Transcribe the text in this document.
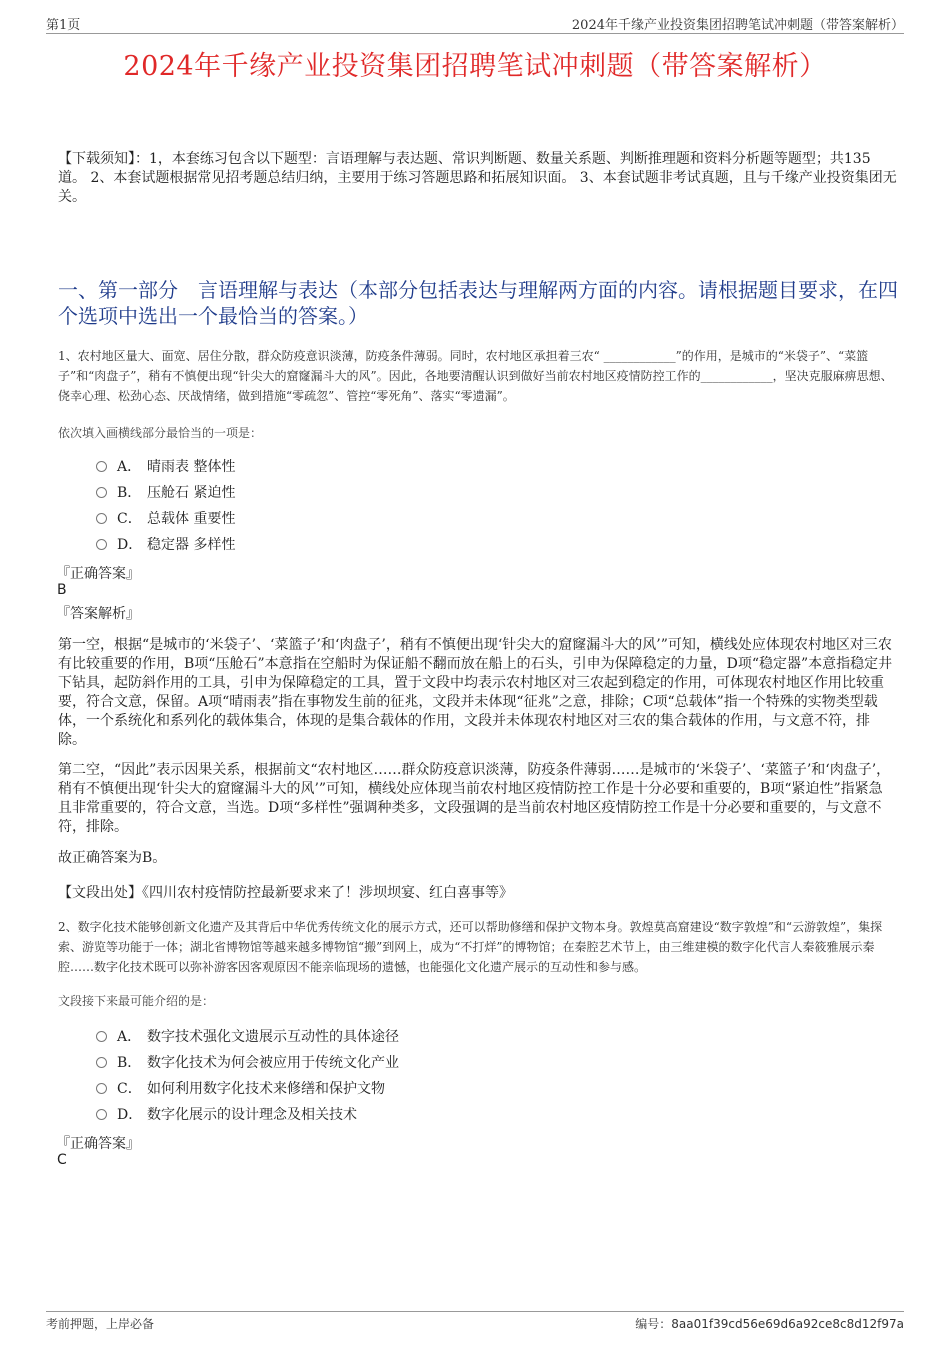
第1页	2024年千缘产业投资集团招聘笔试冲刺题（带答案解析）
2024年千缘产业投资集团招聘笔试冲刺题（带答案解析）
【下载须知】：1，本套练习包含以下题型：言语理解与表达题、常识判断题、数量关系题、判断推理题和资料分析题等题型；共135道。 2、本套试题根据常见招考题总结归纳，主要用于练习答题思路和拓展知识面。 3、本套试题非考试真题，且与千缘产业投资集团无关。
一、第一部分　言语理解与表达（本部分包括表达与理解两方面的内容。请根据题目要求，在四个选项中选出一个最恰当的答案。）
1、农村地区量大、面宽、居住分散，群众防疫意识淡薄，防疫条件薄弱。同时，农村地区承担着三农“ ____________”的作用，是城市的“米袋子”、“菜篮子”和“肉盘子”，稍有不慎便出现“针尖大的窟窿漏斗大的风”。因此，各地要清醒认识到做好当前农村地区疫情防控工作的____________，坚决克服麻痹思想、侥幸心理、松劲心态、厌战情绪，做到措施“零疏忽”、管控“零死角”、落实“零遗漏”。
依次填入画横线部分最恰当的一项是：
A． 晴雨表 整体性
B． 压舱石 紧迫性
C． 总载体 重要性
D． 稳定器 多样性
『正确答案』
B
『答案解析』
第一空，根据“是城市的‘米袋子’、‘菜篮子’和‘肉盘子’，稍有不慎便出现‘针尖大的窟窿漏斗大的风’”可知，横线处应体现农村地区对三农有比较重要的作用，B项“压舱石”本意指在空船时为保证船不翻而放在船上的石头，引申为保障稳定的力量，D项“稳定器”本意指稳定井下钻具，起防斜作用的工具，引申为保障稳定的工具，置于文段中均表示农村地区对三农起到稳定的作用，可体现农村地区作用比较重要，符合文意，保留。A项“晴雨表”指在事物发生前的征兆，文段并未体现“征兆”之意，排除；C项“总载体”指一个特殊的实物类型载体，一个系统化和系列化的载体集合，体现的是集合载体的作用，文段并未体现农村地区对三农的集合载体的作用，与文意不符，排除。
第二空，“因此”表示因果关系，根据前文“农村地区……群众防疫意识淡薄，防疫条件薄弱……是城市的‘米袋子’、‘菜篮子’和‘肉盘子’，稍有不慎便出现‘针尖大的窟窿漏斗大的风’”可知，横线处应体现当前农村地区疫情防控工作是十分必要和重要的，B项“紧迫性”指紧急且非常重要的，符合文意，当选。D项“多样性”强调种类多，文段强调的是当前农村地区疫情防控工作是十分必要和重要的，与文意不符，排除。
故正确答案为B。
【文段出处】《四川农村疫情防控最新要求来了！涉坝坝宴、红白喜事等》
2、数字化技术能够创新文化遗产及其背后中华优秀传统文化的展示方式，还可以帮助修缮和保护文物本身。敦煌莫高窟建设“数字敦煌”和“云游敦煌”，集探索、游览等功能于一体；湖北省博物馆等越来越多博物馆“搬”到网上，成为“不打烊”的博物馆；在秦腔艺术节上，由三维建模的数字化代言人秦筱雅展示秦腔……数字化技术既可以弥补游客因客观原因不能亲临现场的遗憾，也能强化文化遗产展示的互动性和参与感。
文段接下来最可能介绍的是：
A． 数字技术强化文遗展示互动性的具体途径
B． 数字化技术为何会被应用于传统文化产业
C． 如何利用数字化技术来修缮和保护文物
D． 数字化展示的设计理念及相关技术
『正确答案』
C
考前押题，上岸必备	编号：8aa01f39cd56e69d6a92ce8c8d12f97a
